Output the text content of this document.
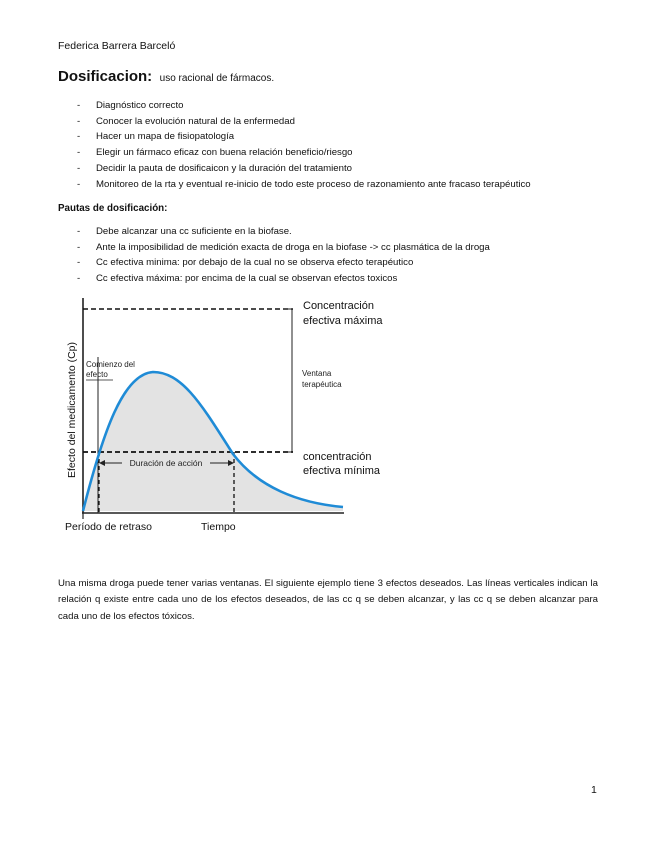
Federica Barrera Barceló
Dosificacion: uso racional de fármacos.
- Diagnóstico correcto
- Conocer la evolución natural de la enfermedad
- Hacer un mapa de fisiopatología
- Elegir un fármaco eficaz con buena relación beneficio/riesgo
- Decidir la pauta de dosificaicon y la duración del tratamiento
- Monitoreo de la rta y eventual re-inicio de todo este proceso de razonamiento ante fracaso terapéutico
Pautas de dosificación:
- Debe alcanzar una cc suficiente en la biofase.
- Ante la imposibilidad de medición exacta de droga en la biofase -> cc plasmática de la droga
- Cc efectiva minima: por debajo de la cual no se observa efecto terapéutico
- Cc efectiva máxima: por encima de la cual se observan efectos toxicos
Efecto del medicamento (Cp)
Concentración
efectiva máxima
Ventana
terapéutica
concentración
efectiva mínima
Comienzo del
efecto
Duración de acción
Período de retraso	Tiempo

Una misma droga puede tener varias ventanas. El siguiente ejemplo tiene 3 efectos deseados. Las líneas verticales indican la relación q existe entre cada uno de los efectos deseados, de las cc q se deben alcanzar, y las cc q se deben alcanzar para cada uno de los efectos tóxicos.

1
